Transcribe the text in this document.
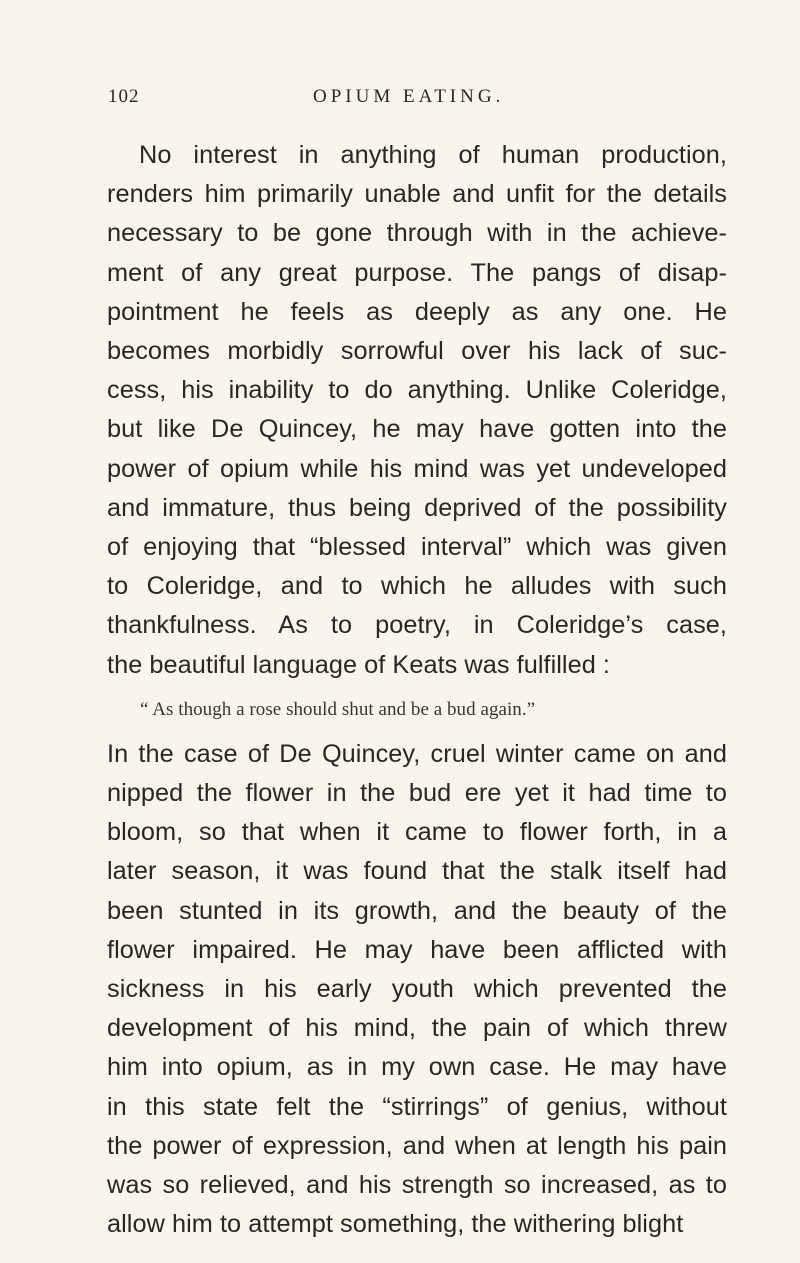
102	OPIUM EATING.
No interest in anything of human production,
renders him primarily unable and unfit for the details
necessary to be gone through with in the achieve-
ment of any great purpose. The pangs of disap-
pointment he feels as deeply as any one. He
becomes morbidly sorrowful over his lack of suc-
cess, his inability to do anything. Unlike Coleridge,
but like De Quincey, he may have gotten into the
power of opium while his mind was yet undeveloped
and immature, thus being deprived of the possibility
of enjoying that “blessed interval” which was given
to Coleridge, and to which he alludes with such
thankfulness. As to poetry, in Coleridge’s case,
the beautiful language of Keats was fulfilled :
“ As though a rose should shut and be a bud again.”
In the case of De Quincey, cruel winter came on and
nipped the flower in the bud ere yet it had time to
bloom, so that when it came to flower forth, in a
later season, it was found that the stalk itself had
been stunted in its growth, and the beauty of the
flower impaired. He may have been afflicted with
sickness in his early youth which prevented the
development of his mind, the pain of which threw
him into opium, as in my own case. He may have
in this state felt the “stirrings” of genius, without
the power of expression, and when at length his pain
was so relieved, and his strength so increased, as to
allow him to attempt something, the withering blight
